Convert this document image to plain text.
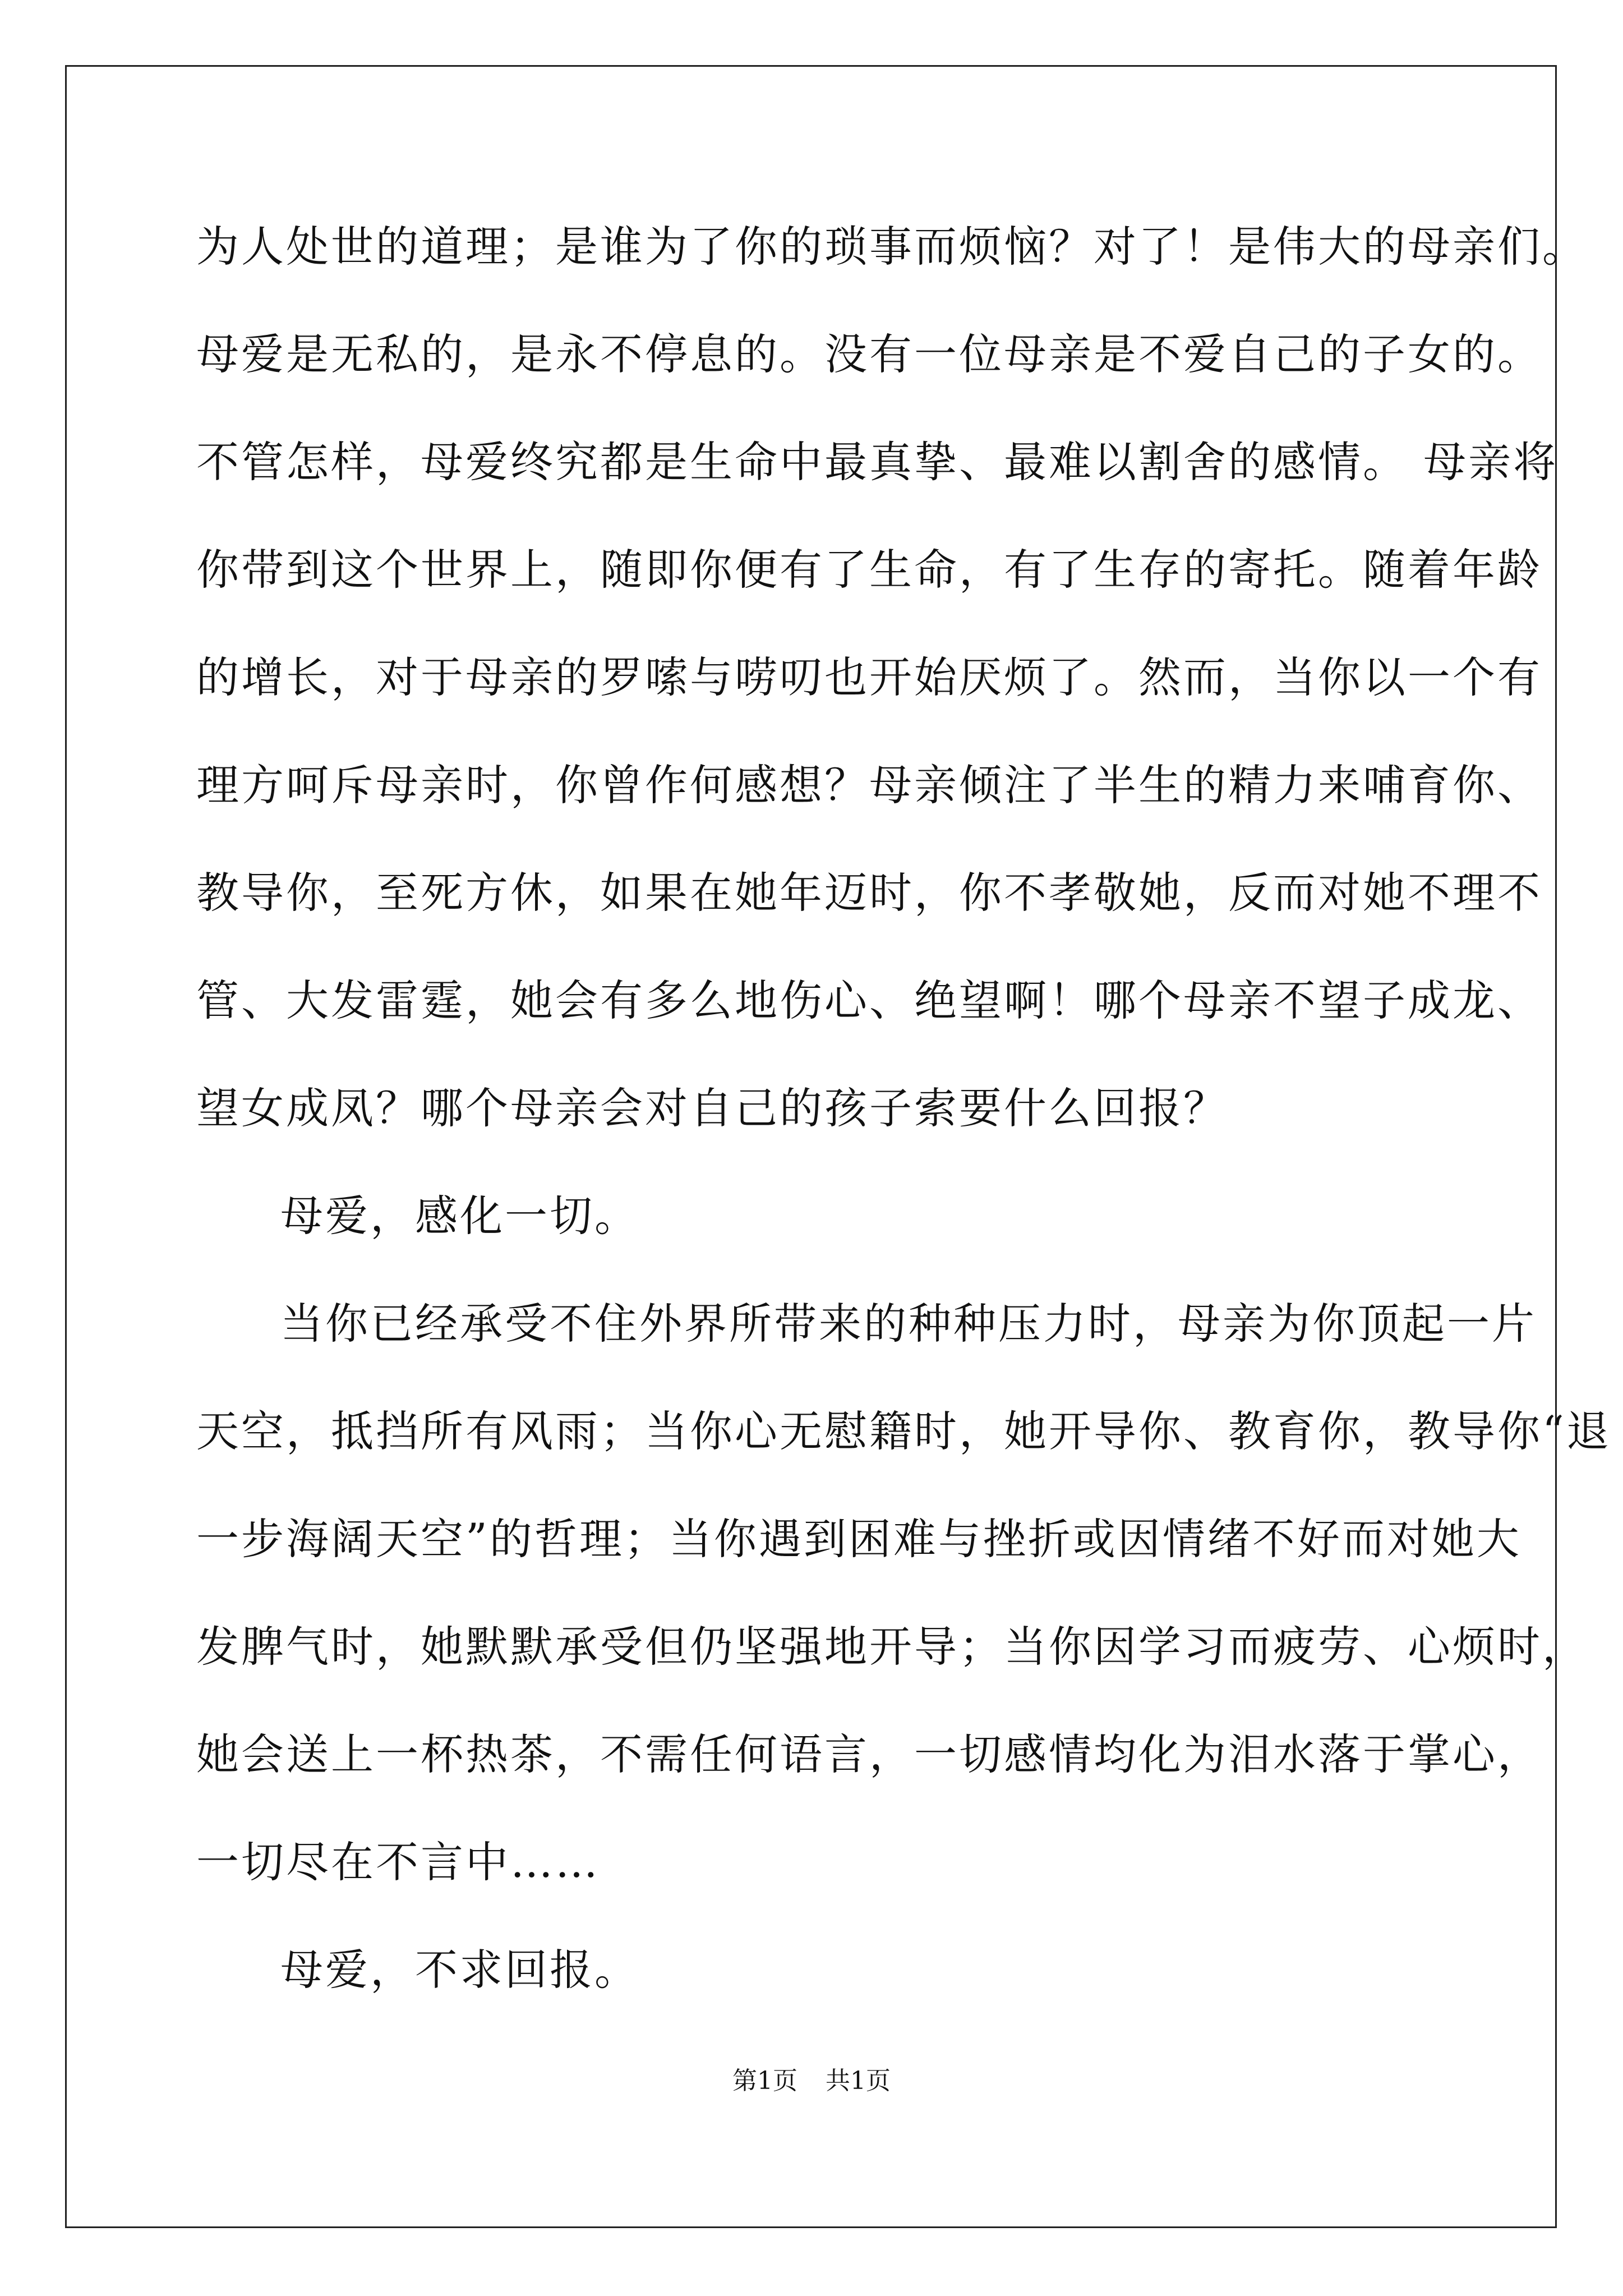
为人处世的道理；是谁为了你的琐事而烦恼？对了！是伟大的母亲们。
母爱是无私的，是永不停息的。没有一位母亲是不爱自己的子女的。
不管怎样，母爱终究都是生命中最真挚、最难以割舍的感情。 母亲将
你带到这个世界上，随即你便有了生命，有了生存的寄托。随着年龄
的增长，对于母亲的罗嗦与唠叨也开始厌烦了。然而，当你以一个有
理方呵斥母亲时，你曾作何感想？母亲倾注了半生的精力来哺育你、
教导你，至死方休，如果在她年迈时，你不孝敬她，反而对她不理不
管、大发雷霆，她会有多么地伤心、绝望啊！哪个母亲不望子成龙、
望女成凤？哪个母亲会对自己的孩子索要什么回报？
母爱，感化一切。
当你已经承受不住外界所带来的种种压力时，母亲为你顶起一片
天空，抵挡所有风雨；当你心无慰籍时，她开导你、教育你，教导你“退
一步海阔天空”的哲理；当你遇到困难与挫折或因情绪不好而对她大
发脾气时，她默默承受但仍坚强地开导；当你因学习而疲劳、心烦时，
她会送上一杯热茶，不需任何语言，一切感情均化为泪水落于掌心，
一切尽在不言中……
母爱，不求回报。
第1页 共1页
